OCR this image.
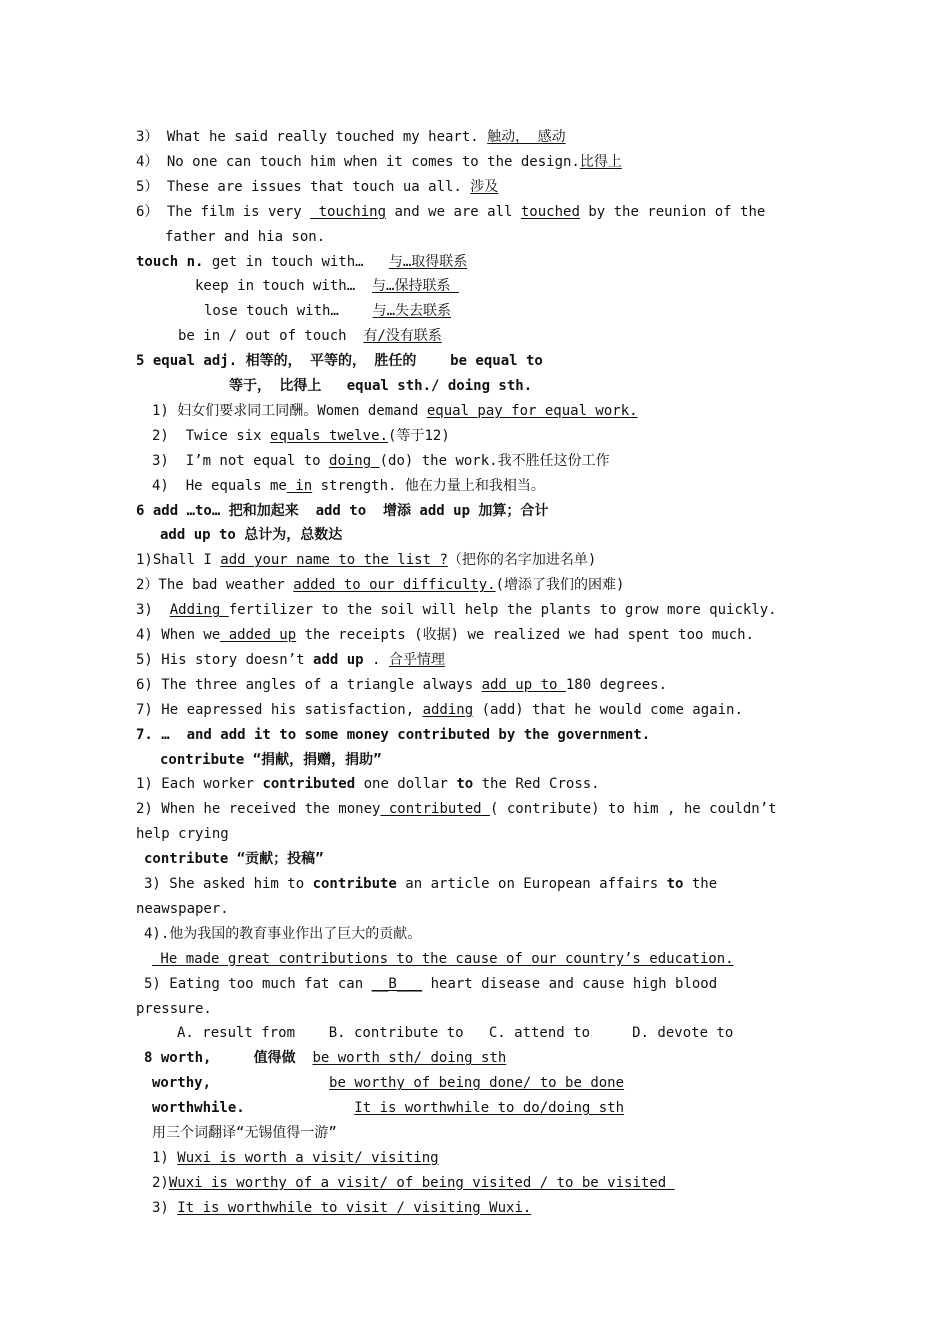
3） What he said really touched my heart. 触动， 感动
4） No one can touch him when it comes to the design.比得上
5） These are issues that touch ua all. 涉及
6） The film is very  touching and we are all touched by the reunion of the
father and hia son.
touch n. get in touch with…   与…取得联系
keep in touch with…  与…保持联系
lose touch with…    与…失去联系
be in / out of touch  有/没有联系
5 equal adj. 相等的， 平等的， 胜任的    be equal to
等于， 比得上   equal sth./ doing sth.
1) 妇女们要求同工同酬。Women demand equal pay for equal work.
2)  Twice six equals twelve.(等于12)
3)  I’m not equal to doing (do) the work.我不胜任这份工作
4)  He equals me in strength. 他在力量上和我相当。
6 add …to… 把和加起来  add to  增添 add up 加算；合计
add up to 总计为，总数达
1)Shall I add your name to the list ?（把你的名字加进名单)
2）The bad weather added to our difficulty.(增添了我们的困难)
3)  Adding fertilizer to the soil will help the plants to grow more quickly.
4) When we added up the receipts (收据) we realized we had spent too much.
5) His story doesn’t add up . 合乎情理
6) The three angles of a triangle always add up to 180 degrees.
7) He eapressed his satisfaction, adding (add) that he would come again.
7. …  and add it to some money contributed by the government.
contribute “捐献，捐赠，捐助”
1) Each worker contributed one dollar to the Red Cross.
2) When he received the money contributed ( contribute) to him , he couldn’t
help crying
contribute “贡献；投稿”
3) She asked him to contribute an article on European affairs to the
neawspaper.
4).他为我国的教育事业作出了巨大的贡献。
He made great contributions to the cause of our country’s education.
5) Eating too much fat can __B___ heart disease and cause high blood
pressure.
A. result from    B. contribute to   C. attend to     D. devote to
8 worth,     值得做  be worth sth/ doing sth
worthy,	be worthy of being done/ to be done
worthwhile.	It is worthwhile to do/doing sth
用三个词翻译“无锡值得一游”
1) Wuxi is worth a visit/ visiting
2)Wuxi is worthy of a visit/ of being visited / to be visited
3) It is worthwhile to visit / visiting Wuxi.
